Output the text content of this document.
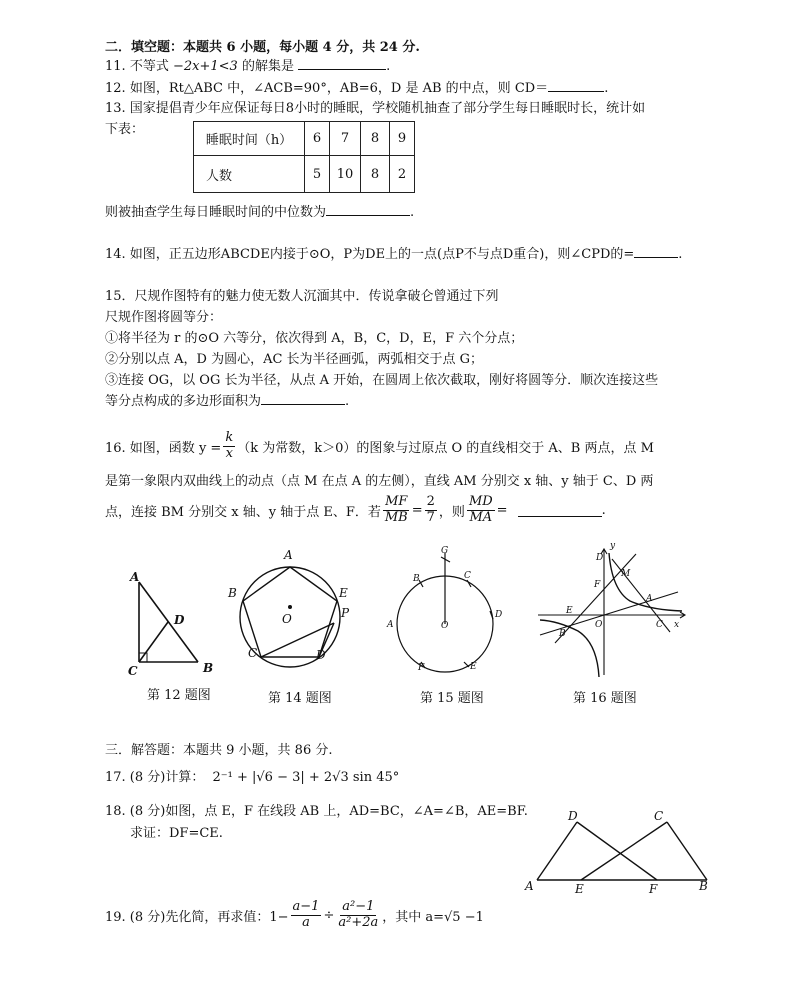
二．填空题：本题共 6 小题，每小题 4 分，共 24 分.
11. 不等式 −2x+1<3 的解集是	.
12. 如图，Rt△ABC 中，∠ACB=90°，AB=6，D 是 AB 的中点，则 CD＝	.
13. 国家提倡青少年应保证每日8小时的睡眠，学校随机抽查了部分学生每日睡眠时长，统计如
下表：
睡眠时间（h）	6	7	8	9
人数	5	10	8	2
则被抽查学生每日睡眠时间的中位数为	.
14. 如图，正五边形ABCDE内接于⊙O，P为DE上的一点(点P不与点D重合)，则∠CPD的=	.
15．尺规作图特有的魅力使无数人沉湎其中．传说拿破仑曾通过下列
尺规作图将圆等分：
①将半径为 r 的⊙O 六等分，依次得到 A，B，C，D，E，F 六个分点；
②分别以点 A，D 为圆心，AC 长为半径画弧，两弧相交于点 G；
③连接 OG，以 OG 长为半径，从点 A 开始，在圆周上依次截取，刚好将圆等分．顺次连接这些
等分点构成的多边形面积为	.
16. 如图，函数 $y = \frac{k}{x} (k$ 为常数，k＞0）的图象与过原点 O 的直线相交于 A、B 两点，点 M
是第一象限内双曲线上的动点（点 M 在点 A 的左侧），直线 AM 分别交 x 轴、y 轴于 C、D 两
点，连接 BM 分别交 x 轴、y 轴于点 E、F．若 $\frac{MF}{MB} = \frac{2}{7}$ ，则 $\frac{MD}{MA}$ =	.
A
D
C	B
A
B	E
P
O
C	D
G
B	C
A	O
D
F	E
y
D
M
F
A
E
B
O	C x
第 12 题图	第 14 题图	第 15 题图	第 16 题图
三．解答题：本题共 9 小题，共 86 分.
17. (8 分)计算： 2⁻¹ + |√6 − 3| + 2√3 sin 45°
18. (8 分)如图，点 E，F 在线段 AB 上，AD=BC，∠A=∠B，AE=BF.
求证：DF=CE.
D	C
A	E	F	B
19. (8 分)先化简，再求值：$1- \frac{a-1}{a} \div \frac{\text{a²−1}}{\text{a²+2a}}$ ，其中 a=√5 −1
